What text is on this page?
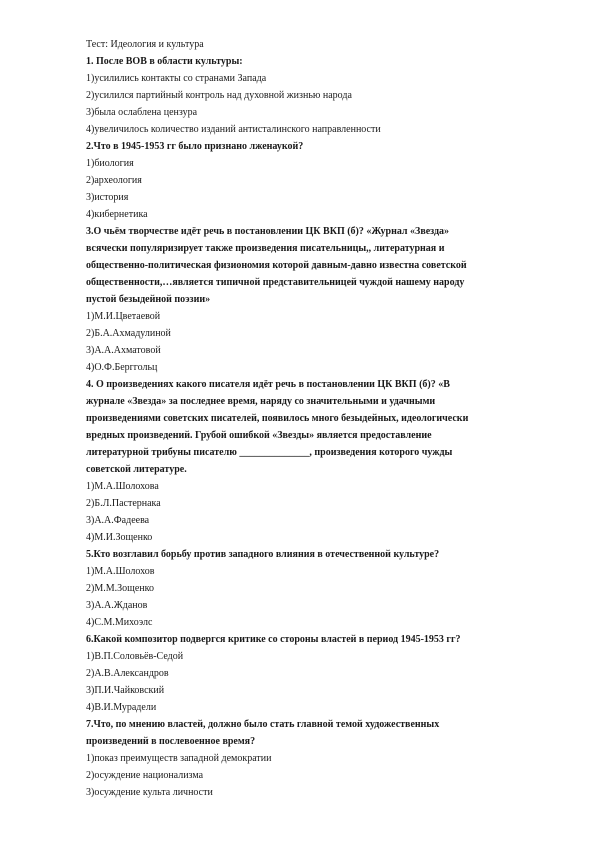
Тест: Идеология и культура
1. После ВОВ в области культуры:
1)усилились контакты со странами Запада
2)усилился партийный контроль над духовной жизнью народа
3)была ослаблена цензура
4)увеличилось количество изданий антисталинского направленности
2.Что в 1945-1953 гг было признано лженаукой?
1)биология
2)археология
3)история
4)кибернетика
3.О чьём творчестве идёт речь в постановлении ЦК ВКП (б)? «Журнал «Звезда»
всячески популяризирует также произведения писательницы,, литературная и
общественно-политическая физиономия которой давным-давно известна советской
общественности,…является типичной представительницей чуждой нашему народу
пустой безыдейной поэзии»
1)М.И.Цветаевой
2)Б.А.Ахмадулиной
3)А.А.Ахматовой
4)О.Ф.Берггольц
4. О произведениях какого писателя идёт речь в постановлении ЦК ВКП (б)? «В
журнале «Звезда» за последнее время, наряду со значительными и удачными
произведениями советских писателей, появилось много безыдейных, идеологически
вредных произведений. Грубой ошибкой «Звезды» является предоставление
литературной трибуны писателю ______________, произведения которого чужды
советской литературе.
1)М.А.Шолохова
2)Б.Л.Пастернака
3)А.А.Фадеева
4)М.И.Зощенко
5.Кто возглавил борьбу против западного влияния в отечественной культуре?
1)М.А.Шолохов
2)М.М.Зощенко
3)А.А.Жданов
4)С.М.Михоэлс
6.Какой композитор подвергся критике со стороны властей в период 1945-1953 гг?
1)В.П.Соловьёв-Седой
2)А.В.Александров
3)П.И.Чайковский
4)В.И.Мурадели
7.Что, по мнению властей, должно было стать главной темой художественных
произведений в послевоенное время?
1)показ преимуществ западной демократии
2)осуждение национализма
3)осуждение культа личности
